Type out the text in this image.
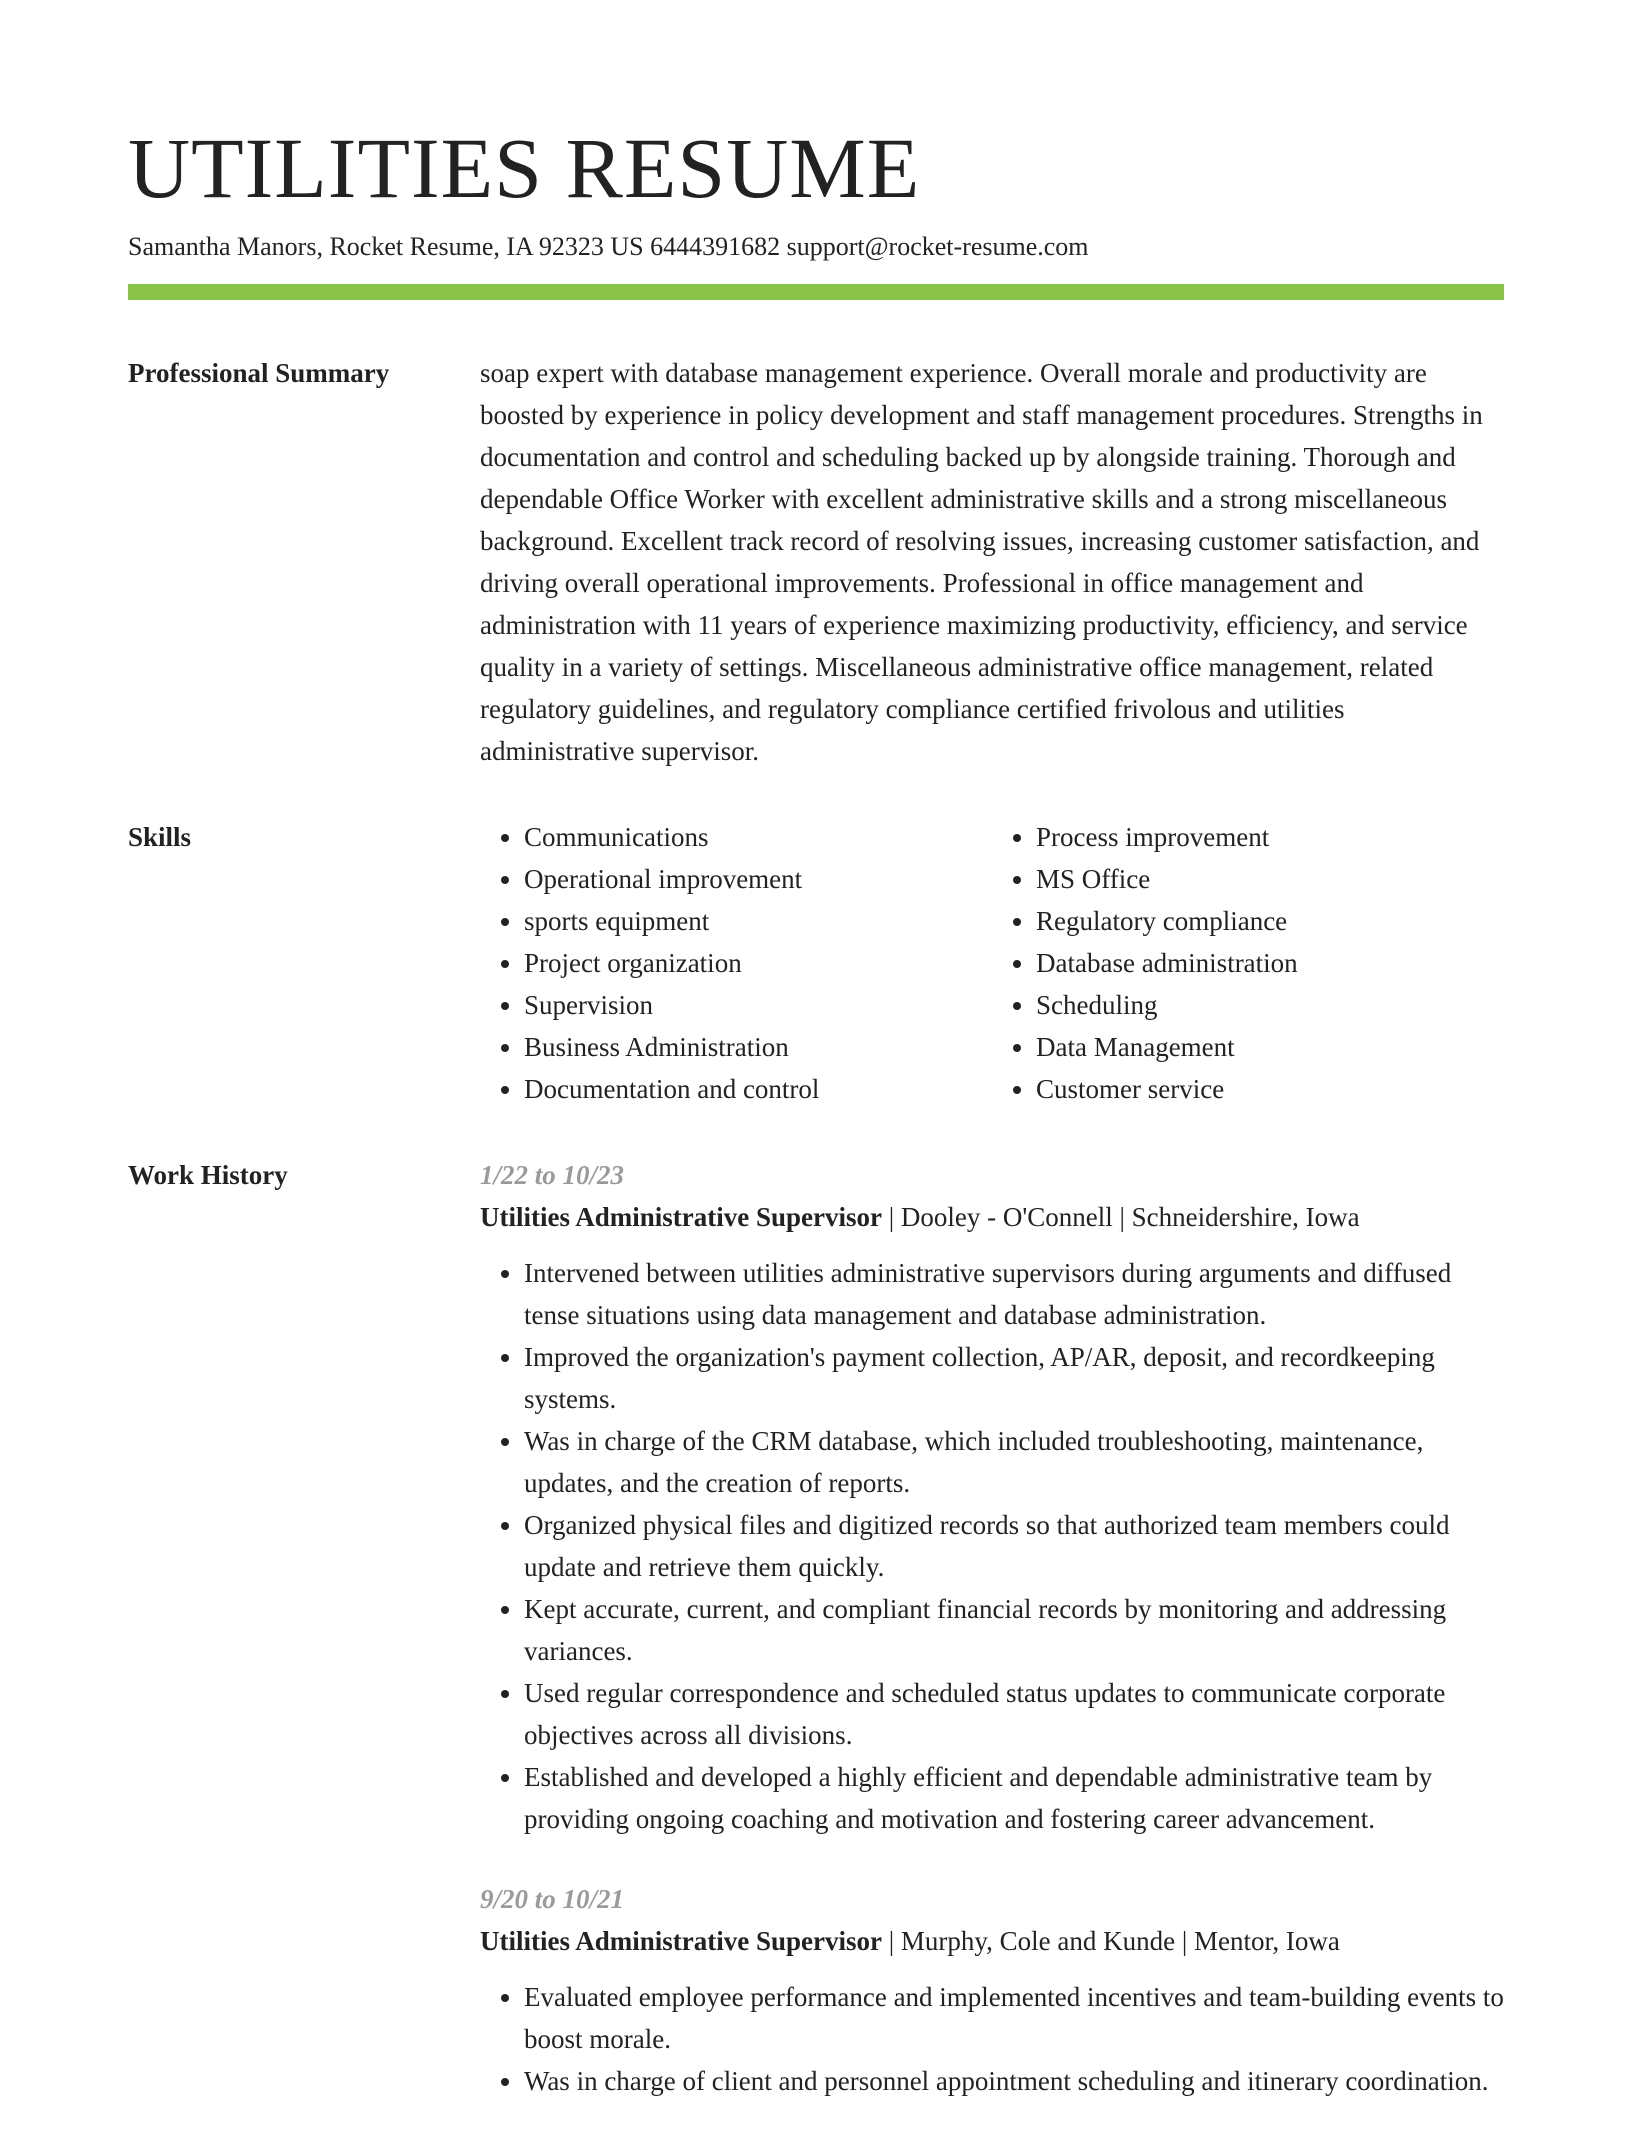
UTILITIES RESUME
Samantha Manors, Rocket Resume, IA 92323 US 6444391682 support@rocket-resume.com
Professional Summary	soap expert with database management experience. Overall morale and productivity are boosted by experience in policy development and staff management procedures. Strengths in documentation and control and scheduling backed up by alongside training. Thorough and dependable Office Worker with excellent administrative skills and a strong miscellaneous background. Excellent track record of resolving issues, increasing customer satisfaction, and driving overall operational improvements. Professional in office management and administration with 11 years of experience maximizing productivity, efficiency, and service quality in a variety of settings. Miscellaneous administrative office management, related regulatory guidelines, and regulatory compliance certified frivolous and utilities administrative supervisor.

Skills
•	Communications
• Operational improvement
• sports equipment
• Project organization
• Supervision
• Business Administration
• Documentation and control
• Process improvement
• MS Office
• Regulatory compliance
• Database administration
• Scheduling
• Data Management
• Customer service
Work History	1/22 to 10/23
Utilities Administrative Supervisor | Dooley - O'Connell | Schneidershire, Iowa
• Intervened between utilities administrative supervisors during arguments and diffused tense situations using data management and database administration.
• Improved the organization's payment collection, AP/AR, deposit, and recordkeeping systems.
• Was in charge of the CRM database, which included troubleshooting, maintenance, updates, and the creation of reports.
• Organized physical files and digitized records so that authorized team members could update and retrieve them quickly.
• Kept accurate, current, and compliant financial records by monitoring and addressing variances.
• Used regular correspondence and scheduled status updates to communicate corporate objectives across all divisions.
• Established and developed a highly efficient and dependable administrative team by providing ongoing coaching and motivation and fostering career advancement.
9/20 to 10/21
Utilities Administrative Supervisor | Murphy, Cole and Kunde | Mentor, Iowa
• Evaluated employee performance and implemented incentives and team-building events to boost morale.
• Was in charge of client and personnel appointment scheduling and itinerary coordination.
